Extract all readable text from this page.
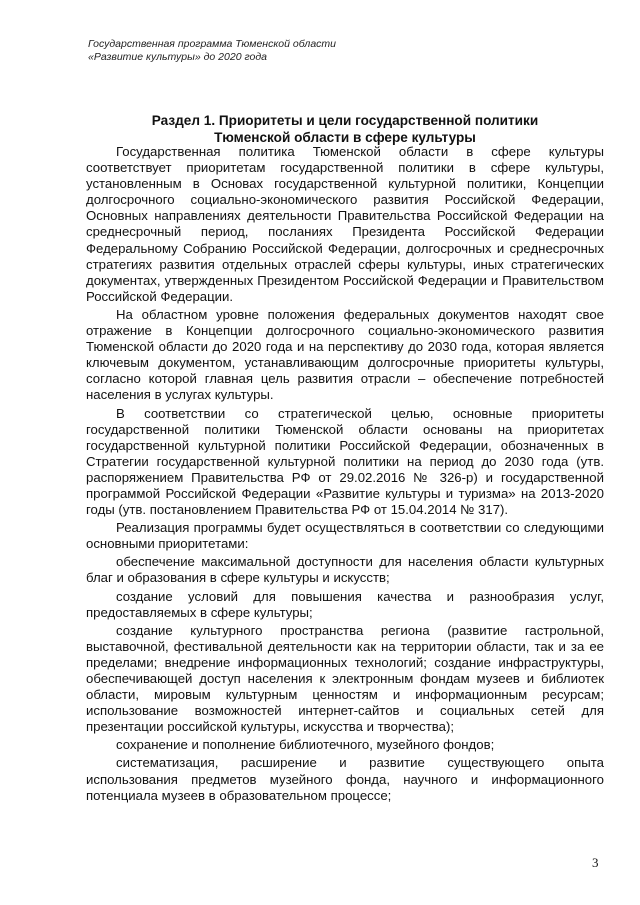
Государственная программа Тюменской области
«Развитие культуры» до 2020 года
Раздел 1. Приоритеты и цели государственной политики
Тюменской области в сфере культуры

Государственная политика Тюменской области в сфере культуры соответствует приоритетам государственной политики в сфере культуры, установленным в Основах государственной культурной политики, Концепции долгосрочного социально-экономического развития Российской Федерации, Основных направлениях деятельности Правительства Российской Федерации на среднесрочный период, посланиях Президента Российской Федерации Федеральному Собранию Российской Федерации, долгосрочных и среднесрочных стратегиях развития отдельных отраслей сферы культуры, иных стратегических документах, утвержденных Президентом Российской Федерации и Правительством Российской Федерации.

На областном уровне положения федеральных документов находят свое отражение в Концепции долгосрочного социально-экономического развития Тюменской области до 2020 года и на перспективу до 2030 года, которая является ключевым документом, устанавливающим долгосрочные приоритеты культуры, согласно которой главная цель развития отрасли – обеспечение потребностей населения в услугах культуры.

В соответствии со стратегической целью, основные приоритеты государственной политики Тюменской области основаны на приоритетах государственной культурной политики Российской Федерации, обозначенных в Стратегии государственной культурной политики на период до 2030 года (утв. распоряжением Правительства РФ от 29.02.2016 № 326-р) и государственной программой Российской Федерации «Развитие культуры и туризма» на 2013-2020 годы (утв. постановлением Правительства РФ от 15.04.2014 № 317).

Реализация программы будет осуществляться в соответствии со следующими основными приоритетами:

обеспечение максимальной доступности для населения области культурных благ и образования в сфере культуры и искусств;

создание условий для повышения качества и разнообразия услуг, предоставляемых в сфере культуры;

создание культурного пространства региона (развитие гастрольной, выставочной, фестивальной деятельности как на территории области, так и за ее пределами; внедрение информационных технологий; создание инфраструктуры, обеспечивающей доступ населения к электронным фондам музеев и библиотек области, мировым культурным ценностям и информационным ресурсам; использование возможностей интернет-сайтов и социальных сетей для презентации российской культуры, искусства и творчества);

сохранение и пополнение библиотечного, музейного фондов;

систематизация, расширение и развитие существующего опыта использования предметов музейного фонда, научного и информационного потенциала музеев в образовательном процессе;

3
